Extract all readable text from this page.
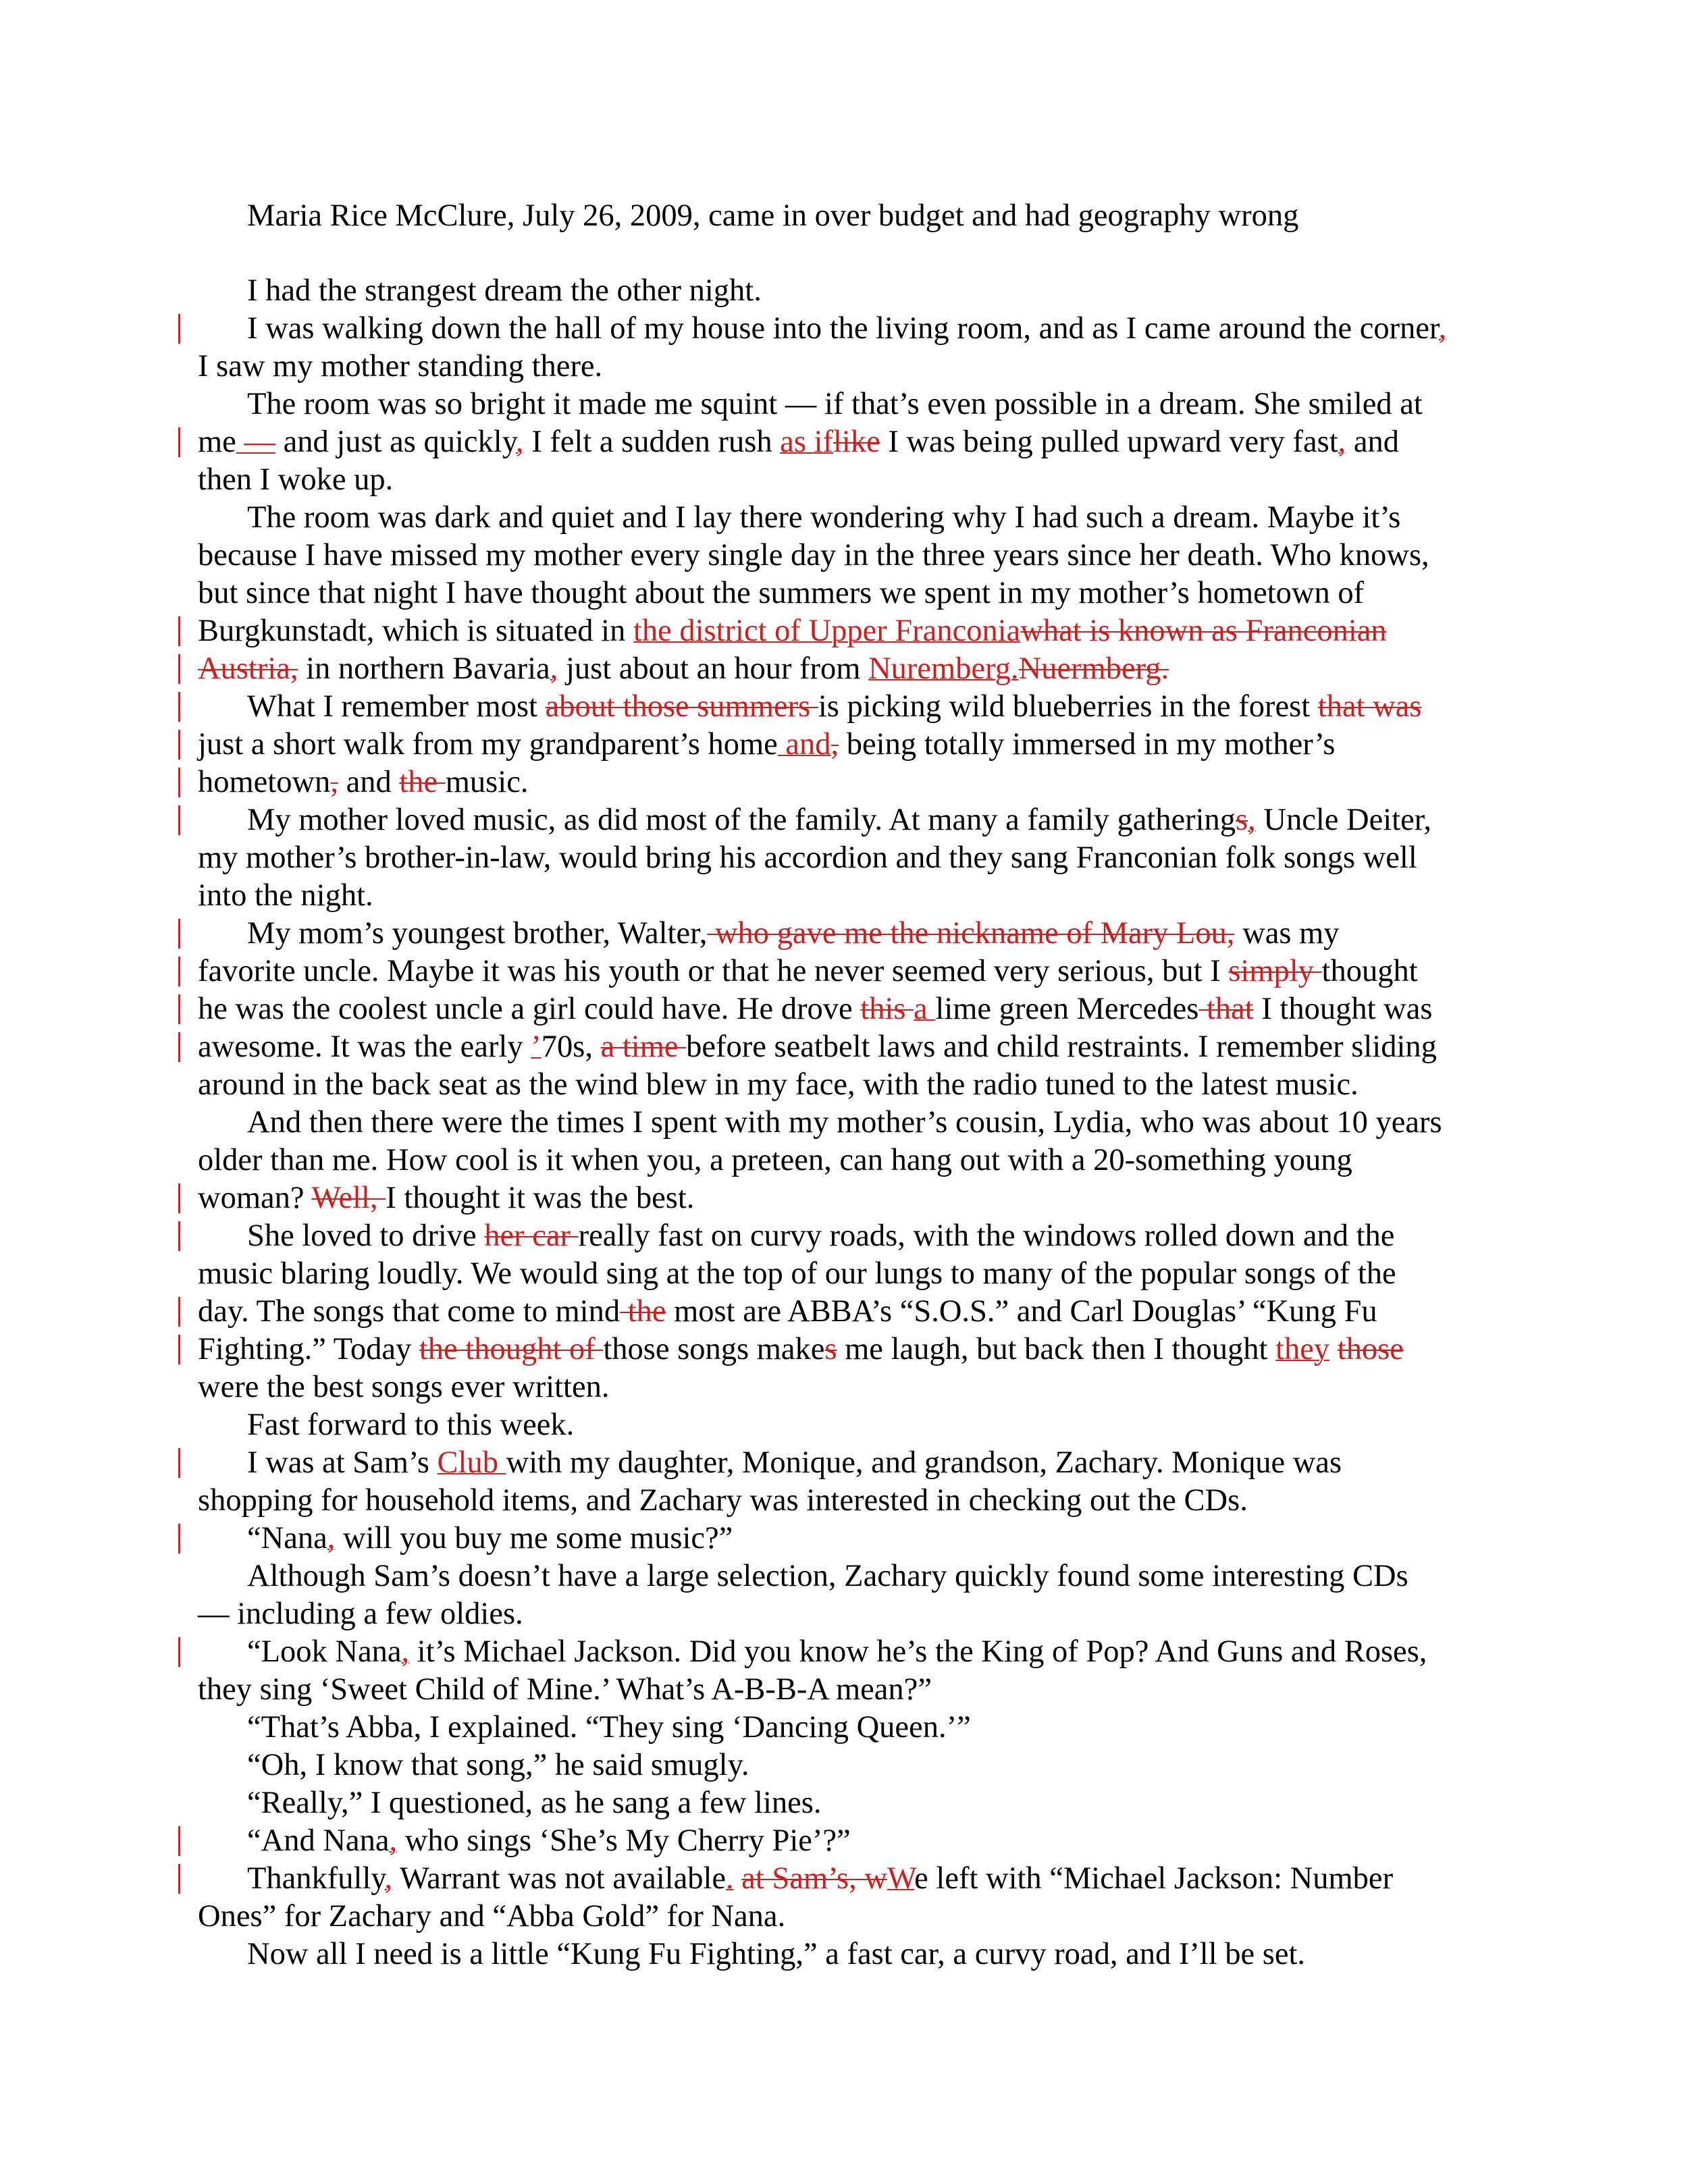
Maria Rice McClure, July 26, 2009, came in over budget and had geography wrong
I had the strangest dream the other night.
I was walking down the hall of my house into the living room, and as I came around the corner,
I saw my mother standing there.
The room was so bright it made me squint — if that’s even possible in a dream. She smiled at
me — and just as quickly, I felt a sudden rush as iflike I was being pulled upward very fast, and
then I woke up.
The room was dark and quiet and I lay there wondering why I had such a dream. Maybe it’s
because I have missed my mother every single day in the three years since her death. Who knows,
but since that night I have thought about the summers we spent in my mother’s hometown of
Burgkunstadt, which is situated in the district of Upper Franconiawhat is known as Franconian
Austria, in northern Bavaria, just about an hour from Nuremberg.Nuermberg.
What I remember most about those summers is picking wild blueberries in the forest that was
just a short walk from my grandparent’s home and, being totally immersed in my mother’s
hometown, and the music.
My mother loved music, as did most of the family. At many a family gatherings, Uncle Deiter,
my mother’s brother-in-law, would bring his accordion and they sang Franconian folk songs well
into the night.
My mom’s youngest brother, Walter, who gave me the nickname of Mary Lou, was my
favorite uncle. Maybe it was his youth or that he never seemed very serious, but I simply thought
he was the coolest uncle a girl could have. He drove this a lime green Mercedes that I thought was
awesome. It was the early ’70s, a time before seatbelt laws and child restraints. I remember sliding
around in the back seat as the wind blew in my face, with the radio tuned to the latest music.
And then there were the times I spent with my mother’s cousin, Lydia, who was about 10 years
older than me. How cool is it when you, a preteen, can hang out with a 20-something young
woman? Well, I thought it was the best.
She loved to drive her car really fast on curvy roads, with the windows rolled down and the
music blaring loudly. We would sing at the top of our lungs to many of the popular songs of the
day. The songs that come to mind the most are ABBA’s “S.O.S.” and Carl Douglas’ “Kung Fu
Fighting.” Today the thought of those songs makes me laugh, but back then I thought they those
were the best songs ever written.
Fast forward to this week.
I was at Sam’s Club with my daughter, Monique, and grandson, Zachary. Monique was
shopping for household items, and Zachary was interested in checking out the CDs.
“Nana, will you buy me some music?”
Although Sam’s doesn’t have a large selection, Zachary quickly found some interesting CDs
— including a few oldies.
“Look Nana, it’s Michael Jackson. Did you know he’s the King of Pop? And Guns and Roses,
they sing ‘Sweet Child of Mine.’ What’s A-B-B-A mean?”
“That’s Abba, I explained. “They sing ‘Dancing Queen.’”
“Oh, I know that song,” he said smugly.
“Really,” I questioned, as he sang a few lines.
“And Nana, who sings ‘She’s My Cherry Pie’?”
Thankfully, Warrant was not available. at Sam’s, wWe left with “Michael Jackson: Number
Ones” for Zachary and “Abba Gold” for Nana.
Now all I need is a little “Kung Fu Fighting,” a fast car, a curvy road, and I’ll be set.
